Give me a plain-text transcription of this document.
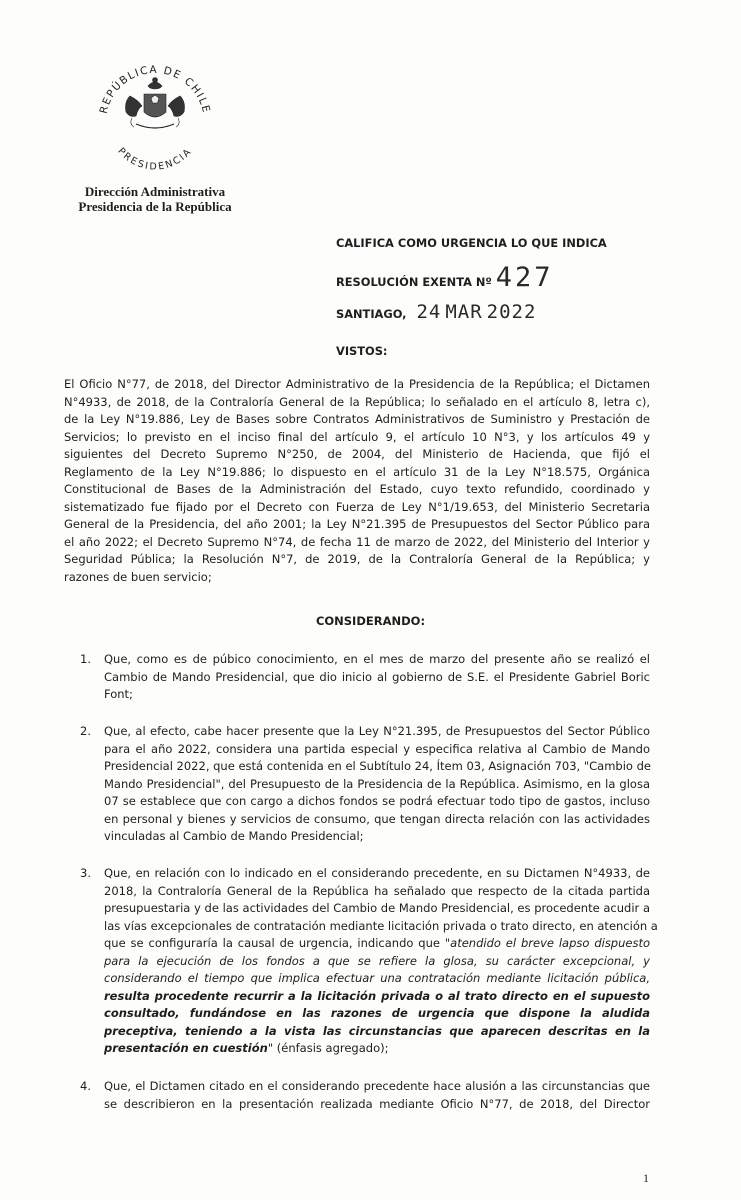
REPÚBLICA DE CHILE
PRESIDENCIA
Dirección Administrativa
Presidencia de la República
CALIFICA COMO URGENCIA LO QUE INDICA
RESOLUCIÓN EXENTA Nº 427
SANTIAGO, 24 MAR 2022
VISTOS:
El Oficio N°77, de 2018, del Director Administrativo de la Presidencia de la República; el Dictamen
N°4933, de 2018, de la Contraloría General de la República; lo señalado en el artículo 8, letra c),
de la Ley N°19.886, Ley de Bases sobre Contratos Administrativos de Suministro y Prestación de
Servicios; lo previsto en el inciso final del artículo 9, el artículo 10 N°3, y los artículos 49 y
siguientes del Decreto Supremo N°250, de 2004, del Ministerio de Hacienda, que fijó el
Reglamento de la Ley N°19.886; lo dispuesto en el artículo 31 de la Ley N°18.575, Orgánica
Constitucional de Bases de la Administración del Estado, cuyo texto refundido, coordinado y
sistematizado fue fijado por el Decreto con Fuerza de Ley N°1/19.653, del Ministerio Secretaria
General de la Presidencia, del año 2001; la Ley N°21.395 de Presupuestos del Sector Público para
el año 2022; el Decreto Supremo N°74, de fecha 11 de marzo de 2022, del Ministerio del Interior y
Seguridad Pública; la Resolución N°7, de 2019, de la Contraloría General de la República; y
razones de buen servicio;
CONSIDERANDO:
1. Que, como es de púbico conocimiento, en el mes de marzo del presente año se realizó el
Cambio de Mando Presidencial, que dio inicio al gobierno de S.E. el Presidente Gabriel Boric
Font;
2. Que, al efecto, cabe hacer presente que la Ley N°21.395, de Presupuestos del Sector Público
para el año 2022, considera una partida especial y especifica relativa al Cambio de Mando
Presidencial 2022, que está contenida en el Subtítulo 24, Ítem 03, Asignación 703, "Cambio de
Mando Presidencial", del Presupuesto de la Presidencia de la República. Asimismo, en la glosa
07 se establece que con cargo a dichos fondos se podrá efectuar todo tipo de gastos, incluso
en personal y bienes y servicios de consumo, que tengan directa relación con las actividades
vinculadas al Cambio de Mando Presidencial;
3. Que, en relación con lo indicado en el considerando precedente, en su Dictamen N°4933, de
2018, la Contraloría General de la República ha señalado que respecto de la citada partida
presupuestaria y de las actividades del Cambio de Mando Presidencial, es procedente acudir a
las vías excepcionales de contratación mediante licitación privada o trato directo, en atención a
que se configuraría la causal de urgencia, indicando que "atendido el breve lapso dispuesto
para la ejecución de los fondos a que se refiere la glosa, su carácter excepcional, y
considerando el tiempo que implica efectuar una contratación mediante licitación pública,
resulta procedente recurrir a la licitación privada o al trato directo en el supuesto
consultado, fundándose en las razones de urgencia que dispone la aludida
preceptiva, teniendo a la vista las circunstancias que aparecen descritas en la
presentación en cuestión" (énfasis agregado);
4. Que, el Dictamen citado en el considerando precedente hace alusión a las circunstancias que
se describieron en la presentación realizada mediante Oficio N°77, de 2018, del Director
1
